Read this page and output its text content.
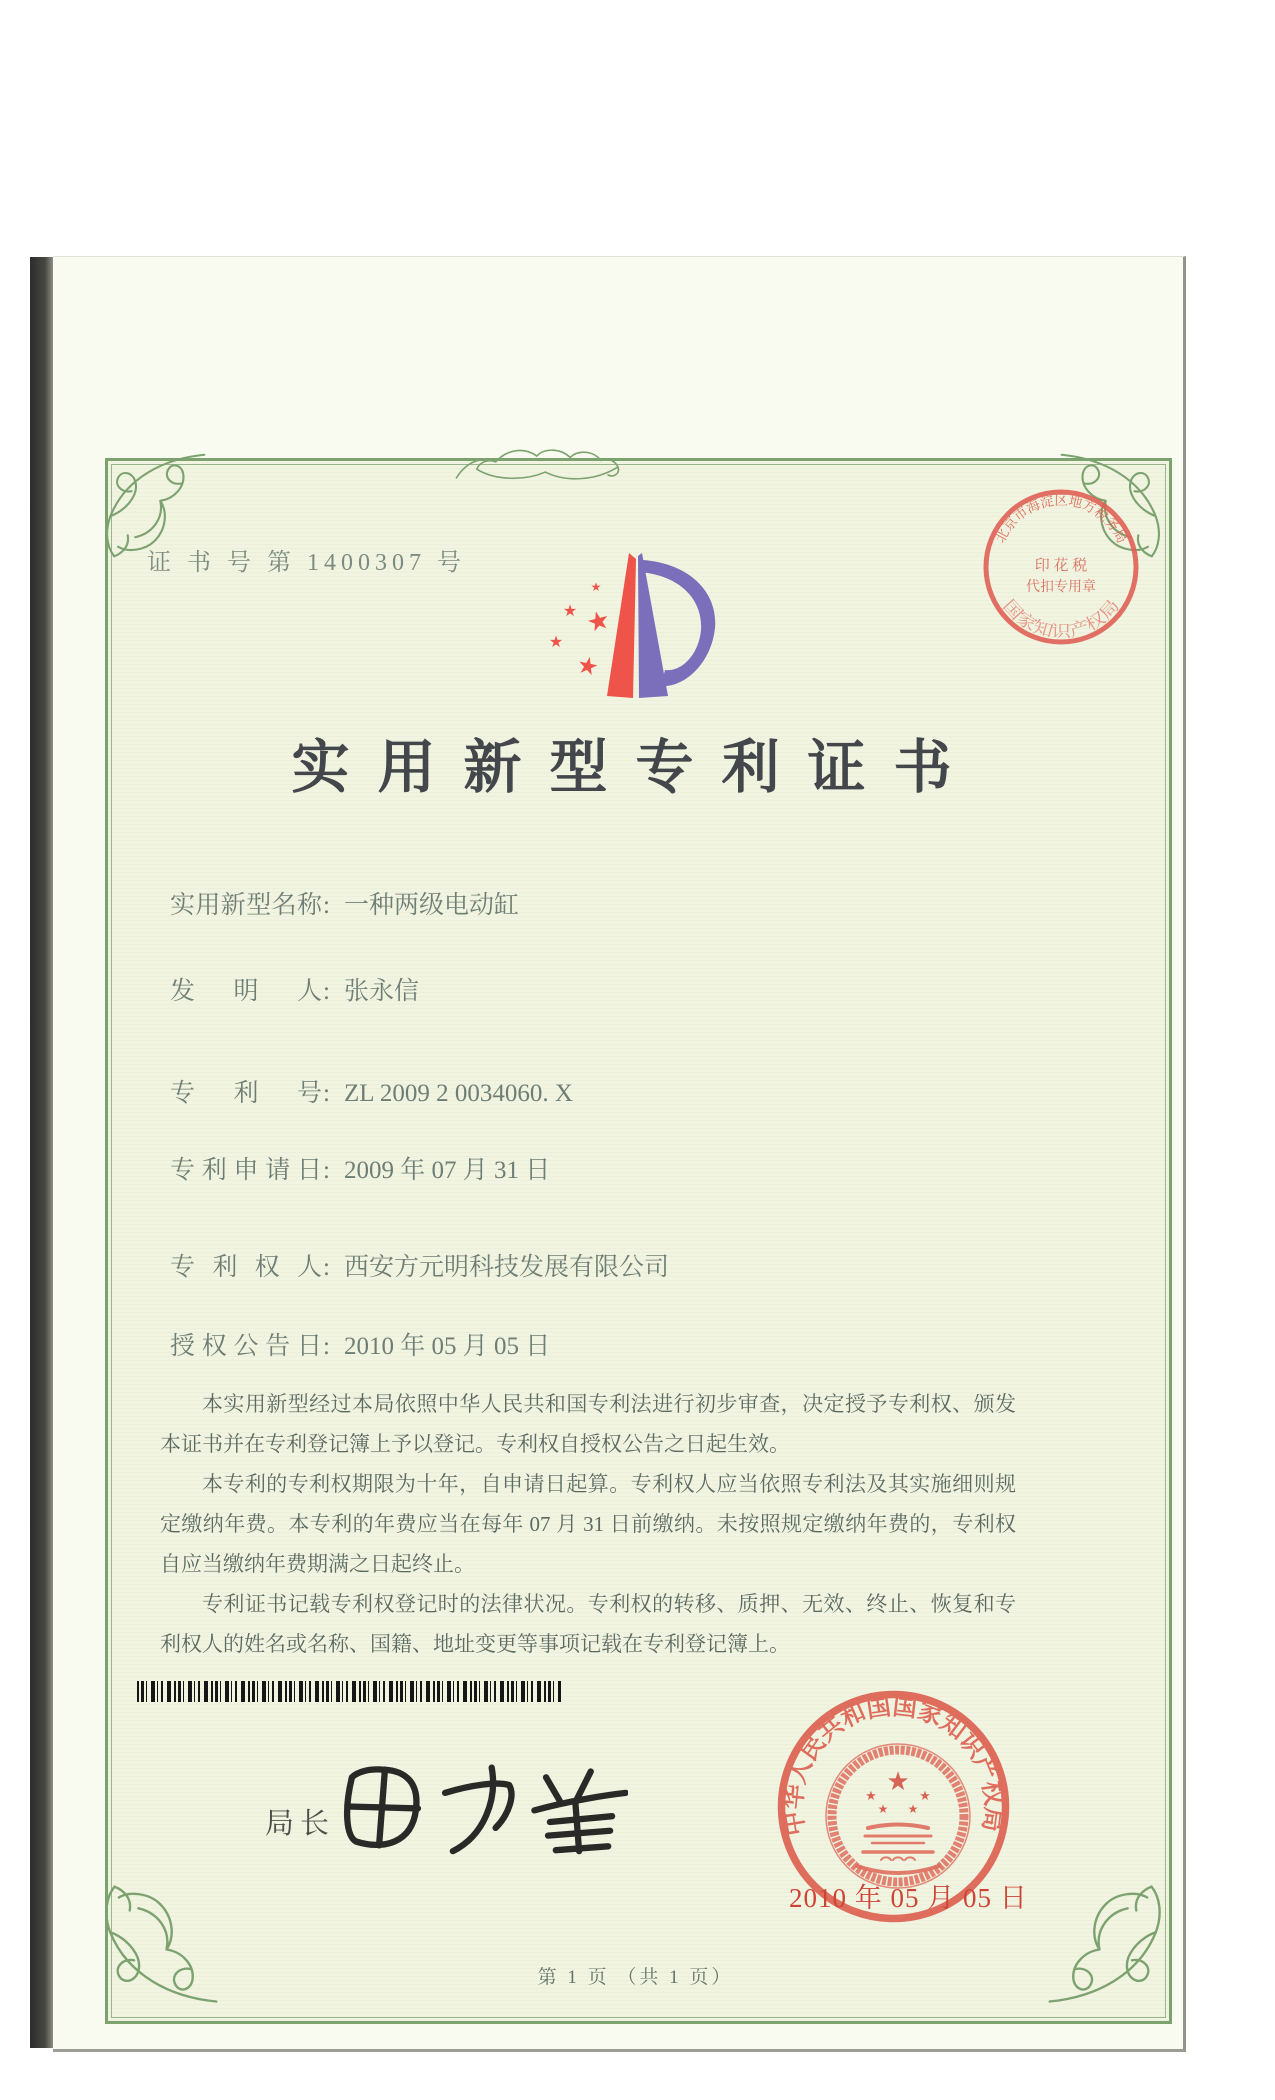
证 书 号 第 1400307 号
★
★ ★
★
★
北京市海淀区地方税务局
国家知识产权局
印 花 税
代扣专用章
实用新型专利证书
实用新型名称: 一种两级电动缸
发明人: 张永信
专利号: ZL 2009 2 0034060. X
专利申请日: 2009 年 07 月 31 日
专利权人: 西安方元明科技发展有限公司
授权公告日: 2010 年 05 月 05 日

本实用新型经过本局依照中华人民共和国专利法进行初步审查，决定授予专利权、颁发本证书并在专利登记簿上予以登记。专利权自授权公告之日起生效。

本专利的专利权期限为十年，自申请日起算。专利权人应当依照专利法及其实施细则规定缴纳年费。本专利的年费应当在每年 07 月 31 日前缴纳。未按照规定缴纳年费的，专利权自应当缴纳年费期满之日起终止。

专利证书记载专利权登记时的法律状况。专利权的转移、质押、无效、终止、恢复和专利权人的姓名或名称、国籍、地址变更等事项记载在专利登记簿上。

局长	中华人民共和国国家知识产权局
★
★	★
★ ★
2010 年 05 月 05 日
第 1 页 （共 1 页）
